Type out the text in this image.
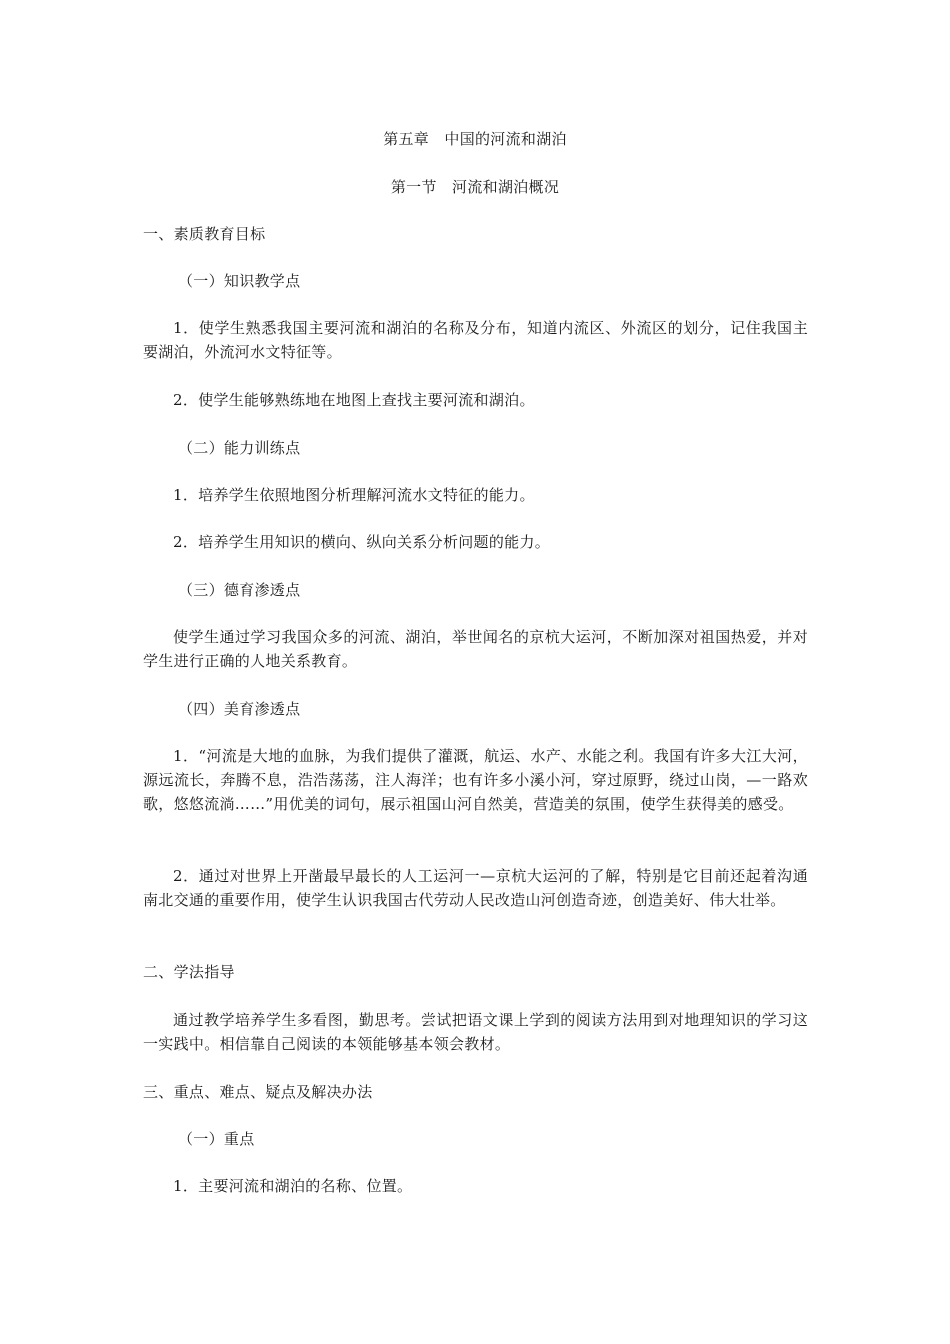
第五章　中国的河流和湖泊
第一节　河流和湖泊概况
一、素质教育目标
（一）知识教学点
1．使学生熟悉我国主要河流和湖泊的名称及分布，知道内流区、外流区的划分，记住我国主要湖泊，外流河水文特征等。
2．使学生能够熟练地在地图上查找主要河流和湖泊。
（二）能力训练点
1．培养学生依照地图分析理解河流水文特征的能力。
2．培养学生用知识的横向、纵向关系分析问题的能力。
（三）德育渗透点
使学生通过学习我国众多的河流、湖泊，举世闻名的京杭大运河，不断加深对祖国热爱，并对学生进行正确的人地关系教育。
（四）美育渗透点
1．“河流是大地的血脉，为我们提供了灌溉，航运、水产、水能之利。我国有许多大江大河，源远流长，奔腾不息，浩浩荡荡，注人海洋；也有许多小溪小河，穿过原野，绕过山岗，—一路欢歌，悠悠流淌……”用优美的词句，展示祖国山河自然美，营造美的氛围，使学生获得美的感受。
2．通过对世界上开凿最早最长的人工运河一—京杭大运河的了解，特别是它目前还起着沟通南北交通的重要作用，使学生认识我国古代劳动人民改造山河创造奇迹，创造美好、伟大壮举。
二、学法指导
通过教学培养学生多看图，勤思考。尝试把语文课上学到的阅读方法用到对地理知识的学习这一实践中。相信靠自己阅读的本领能够基本领会教材。
三、重点、难点、疑点及解决办法
（一）重点
1．主要河流和湖泊的名称、位置。
